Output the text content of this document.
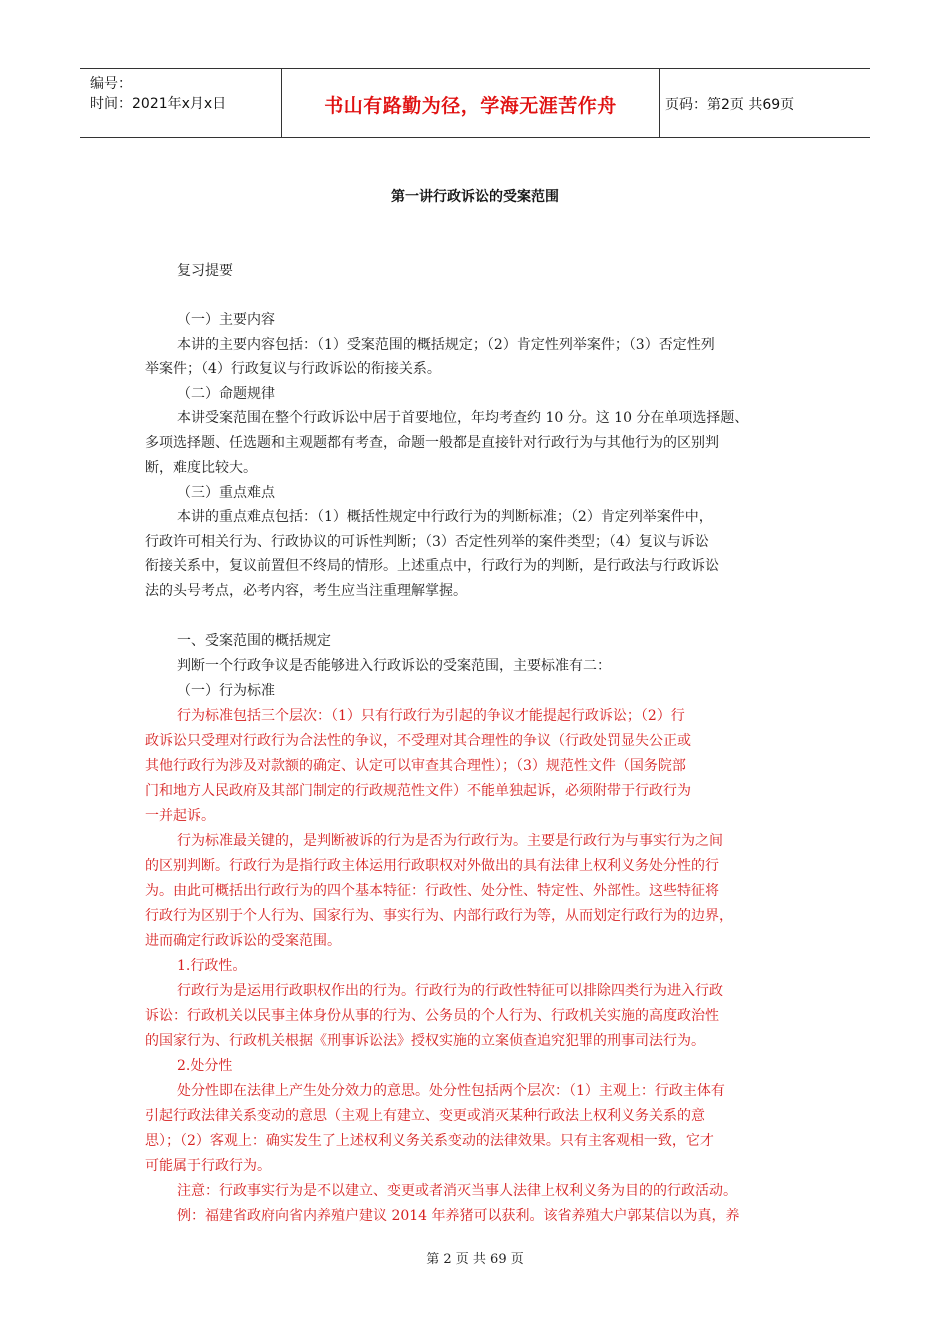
编号：
时间：2021年x月x日	书山有路勤为径，学海无涯苦作舟	页码：第2页 共69页
第一讲行政诉讼的受案范围
复习提要
（一）主要内容
本讲的主要内容包括：（1）受案范围的概括规定；（2）肯定性列举案件；（3）否定性列
举案件；（4）行政复议与行政诉讼的衔接关系。
（二）命题规律
本讲受案范围在整个行政诉讼中居于首要地位，年均考查约 10 分。这 10 分在单项选择题、
多项选择题、任选题和主观题都有考查，命题一般都是直接针对行政行为与其他行为的区别判
断，难度比较大。
（三）重点难点
本讲的重点难点包括：（1）概括性规定中行政行为的判断标准；（2）肯定列举案件中，
行政许可相关行为、行政协议的可诉性判断；（3）否定性列举的案件类型；（4）复议与诉讼
衔接关系中，复议前置但不终局的情形。上述重点中，行政行为的判断，是行政法与行政诉讼
法的头号考点，必考内容，考生应当注重理解掌握。
一、受案范围的概括规定
判断一个行政争议是否能够进入行政诉讼的受案范围，主要标准有二：
（一）行为标准
行为标准包括三个层次：（1）只有行政行为引起的争议才能提起行政诉讼；（2）行
政诉讼只受理对行政行为合法性的争议，不受理对其合理性的争议（行政处罚显失公正或
其他行政行为涉及对款额的确定、认定可以审查其合理性）；（3）规范性文件（国务院部
门和地方人民政府及其部门制定的行政规范性文件）不能单独起诉，必须附带于行政行为
一并起诉。
行为标准最关键的，是判断被诉的行为是否为行政行为。主要是行政行为与事实行为之间
的区别判断。行政行为是指行政主体运用行政职权对外做出的具有法律上权利义务处分性的行
为。由此可概括出行政行为的四个基本特征：行政性、处分性、特定性、外部性。这些特征将
行政行为区别于个人行为、国家行为、事实行为、内部行政行为等，从而划定行政行为的边界，
进而确定行政诉讼的受案范围。
1.行政性。
行政行为是运用行政职权作出的行为。行政行为的行政性特征可以排除四类行为进入行政
诉讼：行政机关以民事主体身份从事的行为、公务员的个人行为、行政机关实施的高度政治性
的国家行为、行政机关根据《刑事诉讼法》授权实施的立案侦查追究犯罪的刑事司法行为。
2.处分性
处分性即在法律上产生处分效力的意思。处分性包括两个层次：（1）主观上：行政主体有
引起行政法律关系变动的意思（主观上有建立、变更或消灭某种行政法上权利义务关系的意
思）；（2）客观上：确实发生了上述权利义务关系变动的法律效果。只有主客观相一致，它才
可能属于行政行为。
注意：行政事实行为是不以建立、变更或者消灭当事人法律上权利义务为目的的行政活动。
例：福建省政府向省内养殖户建议 2014 年养猪可以获利。该省养殖大户郭某信以为真，养
第 2 页 共 69 页
